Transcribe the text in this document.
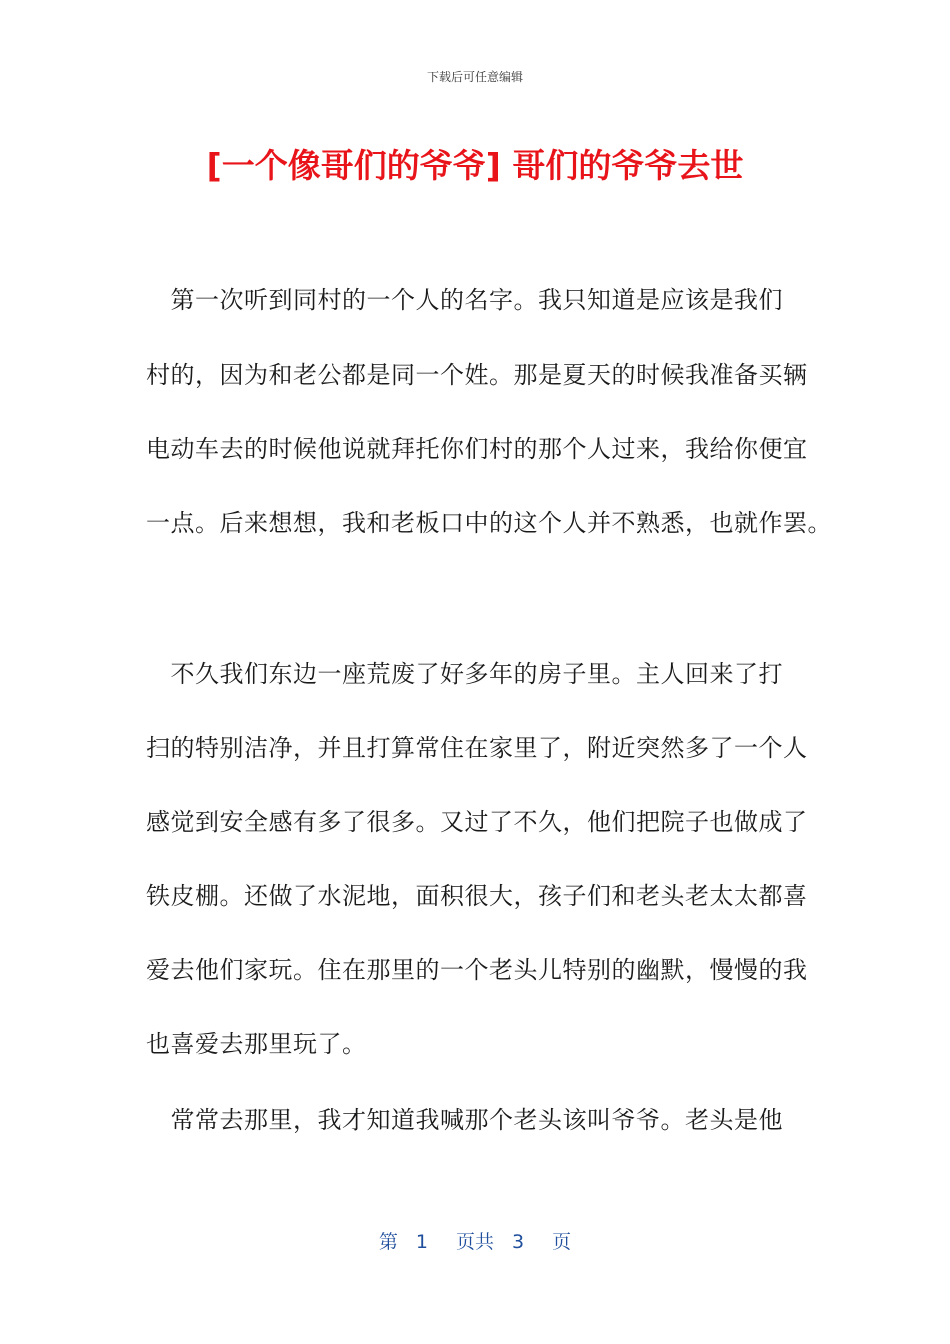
下载后可任意编辑
[一个像哥们的爷爷] 哥们的爷爷去世
　第一次听到同村的一个人的名字。我只知道是应该是我们
村的，因为和老公都是同一个姓。那是夏天的时候我准备买辆
电动车去的时候他说就拜托你们村的那个人过来，我给你便宜
一点。后来想想，我和老板口中的这个人并不熟悉，也就作罢。
　不久我们东边一座荒废了好多年的房子里。主人回来了打
扫的特别洁净，并且打算常住在家里了，附近突然多了一个人
感觉到安全感有多了很多。又过了不久，他们把院子也做成了
铁皮棚。还做了水泥地，面积很大，孩子们和老头老太太都喜
爱去他们家玩。住在那里的一个老头儿特别的幽默，慢慢的我
也喜爱去那里玩了。
　常常去那里，我才知道我喊那个老头该叫爷爷。老头是他
第 1 页共 3 页
